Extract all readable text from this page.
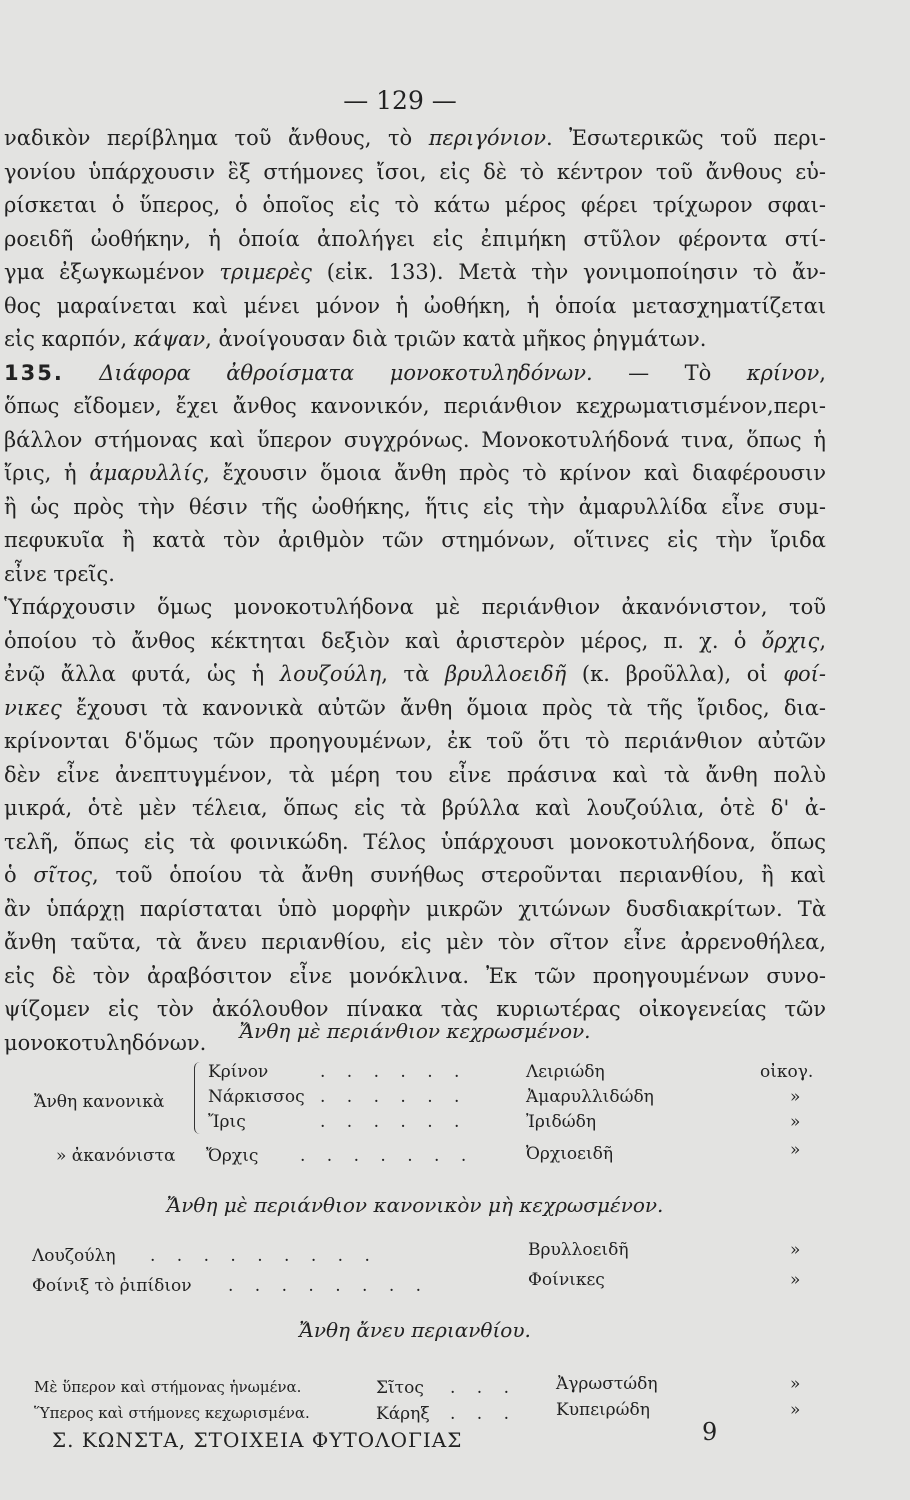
— 129 —
ναδικὸν περίβλημα τοῦ ἄνθους, τὸ περιγόνιον. Ἐσωτερικῶς τοῦ περι-
γονίου ὑπάρχουσιν ἓξ στήμονες ἴσοι, εἰς δὲ τὸ κέντρον τοῦ ἄνθους εὑ-
ρίσκεται ὁ ὕπερος, ὁ ὁποῖος εἰς τὸ κάτω μέρος φέρει τρίχωρον σφαι-
ροειδῆ ὠοθήκην, ἡ ὁποία ἀπολήγει εἰς ἐπιμήκη στῦλον φέροντα στί-
γμα ἐξωγκωμένον τριμερὲς (εἰκ. 133). Μετὰ τὴν γονιμοποίησιν τὸ ἄν-
θος μαραίνεται καὶ μένει μόνον ἡ ὠοθήκη, ἡ ὁποία μετασχηματίζεται
εἰς καρπόν, κάψαν, ἀνοίγουσαν διὰ τριῶν κατὰ μῆκος ῥηγμάτων.
135. Διάφορα ἀθροίσματα μονοκοτυληδόνων. — Τὸ κρίνον,
ὅπως εἴδομεν, ἔχει ἄνθος κανονικόν, περιάνθιον κεχρωματισμένον,περι-
βάλλον στήμονας καὶ ὕπερον συγχρόνως. Μονοκοτυλήδονά τινα, ὅπως ἡ
ἴρις, ἡ ἀμαρυλλίς, ἔχουσιν ὅμοια ἄνθη πρὸς τὸ κρίνον καὶ διαφέρουσιν
ἢ ὡς πρὸς τὴν θέσιν τῆς ὠοθήκης, ἥτις εἰς τὴν ἀμαρυλλίδα εἶνε συμ-
πεφυκυῖα ἢ κατὰ τὸν ἀριθμὸν τῶν στημόνων, οἵτινες εἰς τὴν ἴριδα
εἶνε τρεῖς.
Ὑπάρχουσιν ὅμως μονοκοτυλήδονα μὲ περιάνθιον ἀκανόνιστον, τοῦ
ὁποίου τὸ ἄνθος κέκτηται δεξιὸν καὶ ἀριστερὸν μέρος, π. χ. ὁ ὄρχις,
ἐνῷ ἄλλα φυτά, ὡς ἡ λουζούλη, τὰ βρυλλοειδῆ (κ. βροῦλλα), οἱ φοί-
νικες ἔχουσι τὰ κανονικὰ αὐτῶν ἄνθη ὅμοια πρὸς τὰ τῆς ἴριδος, δια-
κρίνονται δ'ὅμως τῶν προηγουμένων, ἐκ τοῦ ὅτι τὸ περιάνθιον αὐτῶν
δὲν εἶνε ἀνεπτυγμένον, τὰ μέρη του εἶνε πράσινα καὶ τὰ ἄνθη πολὺ
μικρά, ὁτὲ μὲν τέλεια, ὅπως εἰς τὰ βρύλλα καὶ λουζούλια, ὁτὲ δ' ἀ-
τελῆ, ὅπως εἰς τὰ φοινικώδη. Τέλος ὑπάρχουσι μονοκοτυλήδονα, ὅπως
ὁ σῖτος, τοῦ ὁποίου τὰ ἄνθη συνήθως στεροῦνται περιανθίου, ἢ καὶ
ἂν ὑπάρχῃ παρίσταται ὑπὸ μορφὴν μικρῶν χιτώνων δυσδιακρίτων. Τὰ
ἄνθη ταῦτα, τὰ ἄνευ περιανθίου, εἰς μὲν τὸν σῖτον εἶνε ἀρρενοθήλεα,
εἰς δὲ τὸν ἀραβόσιτον εἶνε μονόκλινα. Ἐκ τῶν προηγουμένων συνο-
ψίζομεν εἰς τὸν ἀκόλουθον πίνακα τὰς κυριωτέρας οἰκογενείας τῶν
μονοκοτυληδόνων.	Ἄνθη μὲ περιάνθιον κεχρωσμένον.
Ἄνθη κανονικὰ
Κρίνον	. . . . . .	Λειριώδη	οἰκογ.
Νάρκισσος . . . . . .	Ἀμαρυλλιδώδη	»
Ἴρις	. . . . . .	Ἰριδώδη	»
» ἀκανόνιστα Ὄρχις . . . . . . .	Ὀρχιοειδῆ	»
Ἄνθη μὲ περιάνθιον κανονικὸν μὴ κεχρωσμένον.
Λουζούλη . . . . . . . . .	Βρυλλοειδῆ	»
Φοίνιξ τὸ ῥιπίδιον . . . . . . . .	Φοίνικες	»
Ἄνθη ἄνευ περιανθίου.
Μὲ ὕπερον καὶ στήμονας ἡνωμένα.	Σῖτος . . . Ἀγρωστώδη	»
Ὕπερος καὶ στήμονες κεχωρισμένα.	Κάρηξ . . . Κυπειρώδη	»
Σ. ΚΩΝΣΤΑ, ΣΤΟΙΧΕΙΑ ΦΥΤΟΛΟΓΙΑΣ	9
